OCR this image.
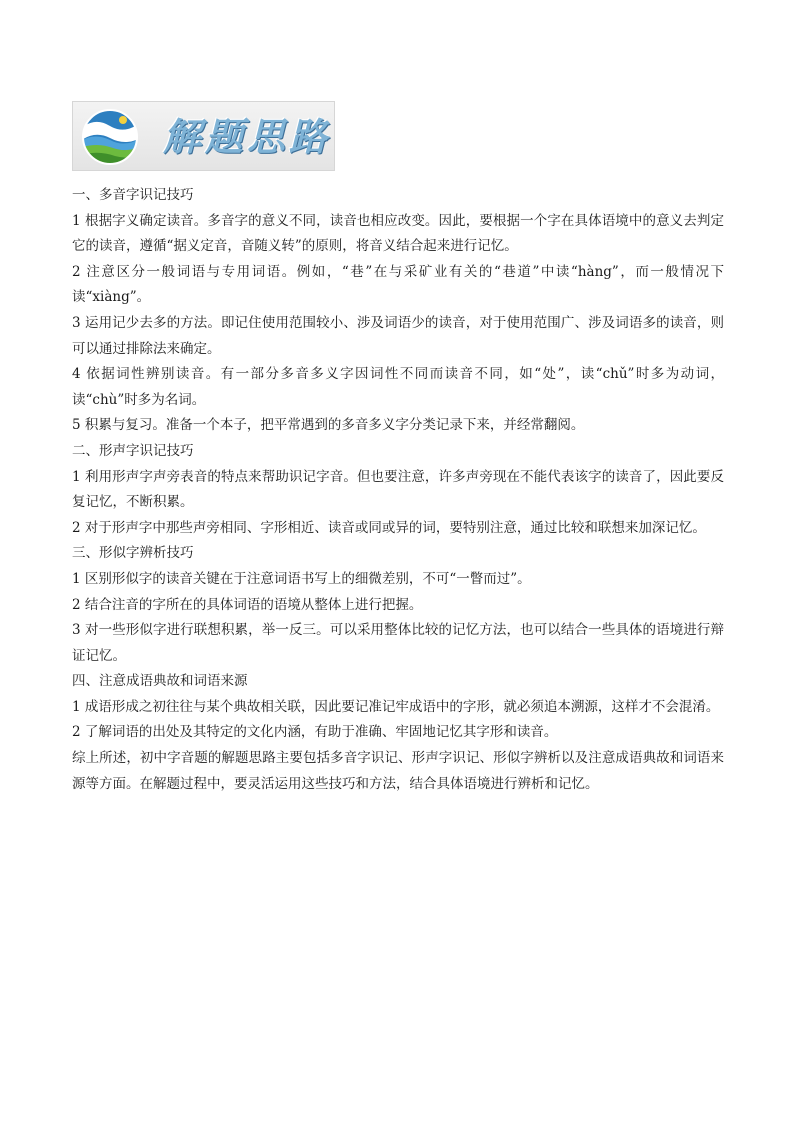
解题思路

一、多音字识记技巧

1 根据字义确定读音。多音字的意义不同，读音也相应改变。因此，要根据一个字在具体语境中的意义去判定它的读音，遵循“据义定音，音随义转”的原则，将音义结合起来进行记忆。

2 注意区分一般词语与专用词语。例如，“巷”在与采矿业有关的“巷道”中读“hàng”，而一般情况下读“xiàng”。

3 运用记少去多的方法。即记住使用范围较小、涉及词语少的读音，对于使用范围广、涉及词语多的读音，则可以通过排除法来确定。

4 依据词性辨别读音。有一部分多音多义字因词性不同而读音不同，如“处”，读“chǔ”时多为动词，读“chù”时多为名词。

5 积累与复习。准备一个本子，把平常遇到的多音多义字分类记录下来，并经常翻阅。

二、形声字识记技巧

1 利用形声字声旁表音的特点来帮助识记字音。但也要注意，许多声旁现在不能代表该字的读音了，因此要反复记忆，不断积累。

2 对于形声字中那些声旁相同、字形相近、读音或同或异的词，要特别注意，通过比较和联想来加深记忆。

三、形似字辨析技巧

1 区别形似字的读音关键在于注意词语书写上的细微差别，不可“一瞥而过”。

2 结合注音的字所在的具体词语的语境从整体上进行把握。

3 对一些形似字进行联想积累，举一反三。可以采用整体比较的记忆方法，也可以结合一些具体的语境进行辩证记忆。

四、注意成语典故和词语来源

1 成语形成之初往往与某个典故相关联，因此要记准记牢成语中的字形，就必须追本溯源，这样才不会混淆。

2 了解词语的出处及其特定的文化内涵，有助于准确、牢固地记忆其字形和读音。

综上所述，初中字音题的解题思路主要包括多音字识记、形声字识记、形似字辨析以及注意成语典故和词语来源等方面。在解题过程中，要灵活运用这些技巧和方法，结合具体语境进行辨析和记忆。
